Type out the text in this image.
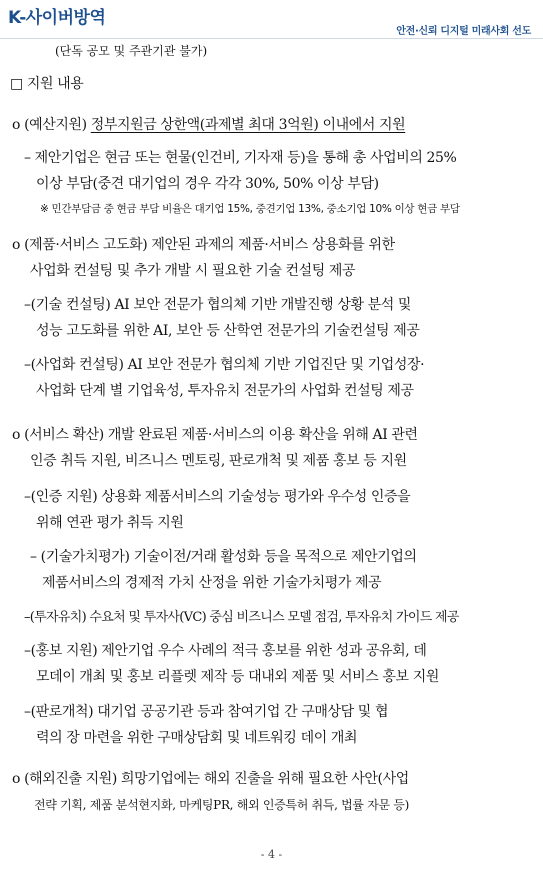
K-사이버방역
안전·신뢰 디지털 미래사회 선도
(단독 공모 및 주관기관 불가)
□ 지원 내용
o (예산지원) 정부지원금 상한액(과제별 최대 3억원) 이내에서 지원
– 제안기업은 현금 또는 현물(인건비, 기자재 등)을 통해 총 사업비의 25%
이상 부담(중견 대기업의 경우 각각 30%, 50% 이상 부담)
※ 민간부담금 중 현금 부담 비율은 대기업 15%, 중견기업 13%, 중소기업 10% 이상 현금 부담
o (제품·서비스 고도화) 제안된 과제의 제품·서비스 상용화를 위한
사업화 컨설팅 및 추가 개발 시 필요한 기술 컨설팅 제공
–(기술 컨설팅) AI 보안 전문가 협의체 기반 개발진행 상황 분석 및
성능 고도화를 위한 AI, 보안 등 산학연 전문가의 기술컨설팅 제공
–(사업화 컨설팅) AI 보안 전문가 협의체 기반 기업진단 및 기업성장·
사업화 단계 별 기업육성, 투자유치 전문가의 사업화 컨설팅 제공
o (서비스 확산) 개발 완료된 제품·서비스의 이용 확산을 위해 AI 관련
인증 취득 지원, 비즈니스 멘토링, 판로개척 및 제품 홍보 등 지원
–(인증 지원) 상용화 제품서비스의 기술성능 평가와 우수성 인증을
위해 연관 평가 취득 지원
– (기술가치평가) 기술이전/거래 활성화 등을 목적으로 제안기업의
제품서비스의 경제적 가치 산정을 위한 기술가치평가 제공
–(투자유치) 수요처 및 투자사(VC) 중심 비즈니스 모델 점검, 투자유치 가이드 제공
–(홍보 지원) 제안기업 우수 사례의 적극 홍보를 위한 성과 공유회, 데
모데이 개최 및 홍보 리플렛 제작 등 대내외 제품 및 서비스 홍보 지원
–(판로개척) 대기업 공공기관 등과 참여기업 간 구매상담 및 협
력의 장 마련을 위한 구매상담회 및 네트워킹 데이 개최
o (해외진출 지원) 희망기업에는 해외 진출을 위해 필요한 사안(사업
전략 기획, 제품 분석현지화, 마케팅PR, 해외 인증특허 취득, 법률 자문 등)
- 4 -
